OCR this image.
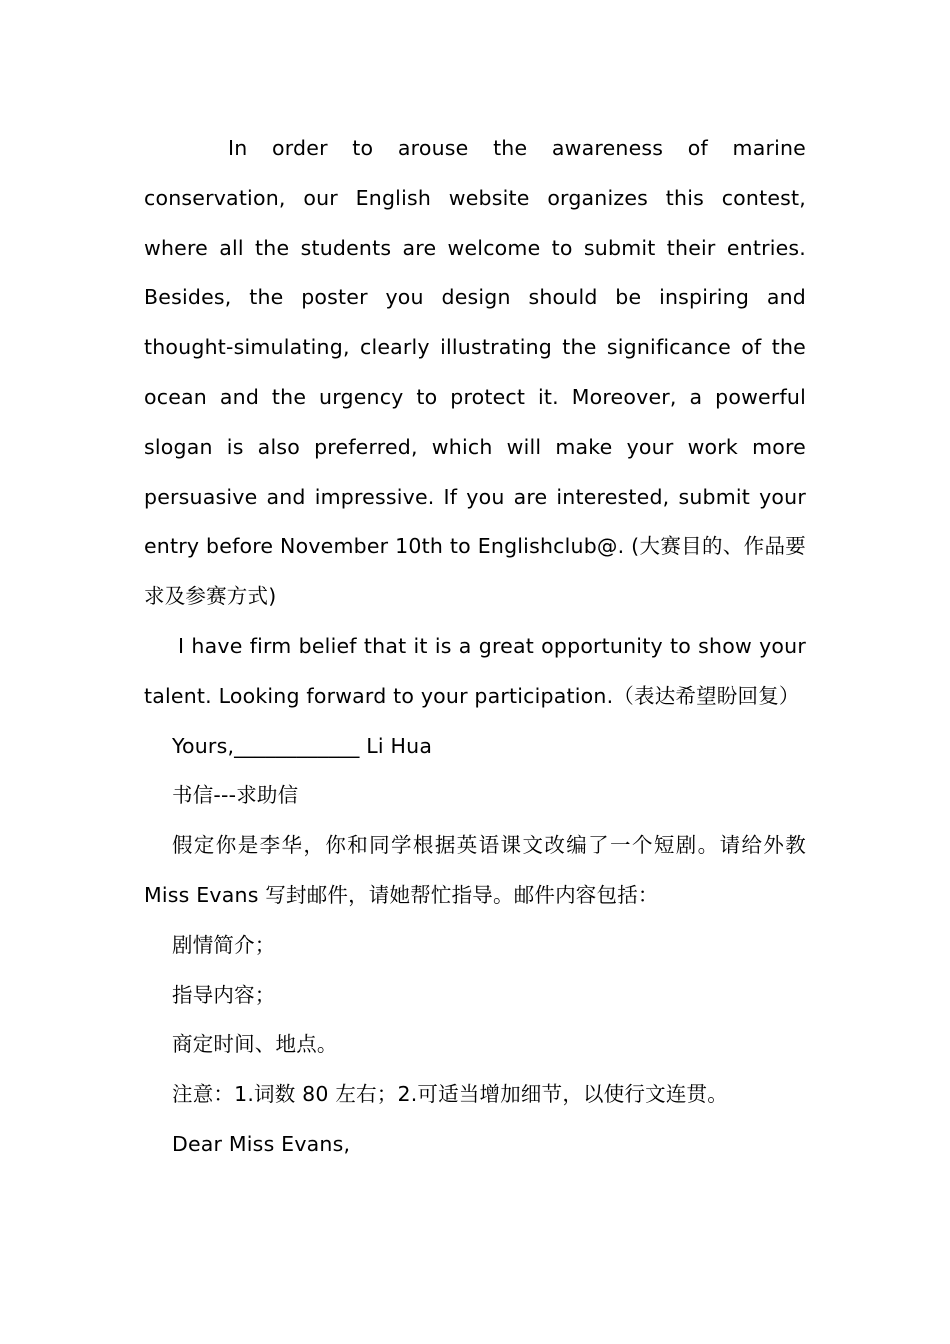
In order to arouse the awareness of marine conservation, our English website organizes this contest, where all the students are welcome to submit their entries. Besides, the poster you design should be inspiring and thought-simulating, clearly illustrating the significance of the ocean and the urgency to protect it. Moreover, a powerful slogan is also preferred, which will make your work more persuasive and impressive. If you are interested, submit your entry before November 10th to Englishclub@. (大赛目的、作品要求及参赛方式)

I have firm belief that it is a great opportunity to show your talent. Looking forward to your participation.（表达希望盼回复）

Yours,____________ Li Hua

书信---求助信

假定你是李华，你和同学根据英语课文改编了一个短剧。请给外教 Miss Evans 写封邮件，请她帮忙指导。邮件内容包括：

剧情简介；

指导内容；

商定时间、地点。

注意：1.词数 80 左右；2.可适当增加细节，以使行文连贯。

Dear Miss Evans,
